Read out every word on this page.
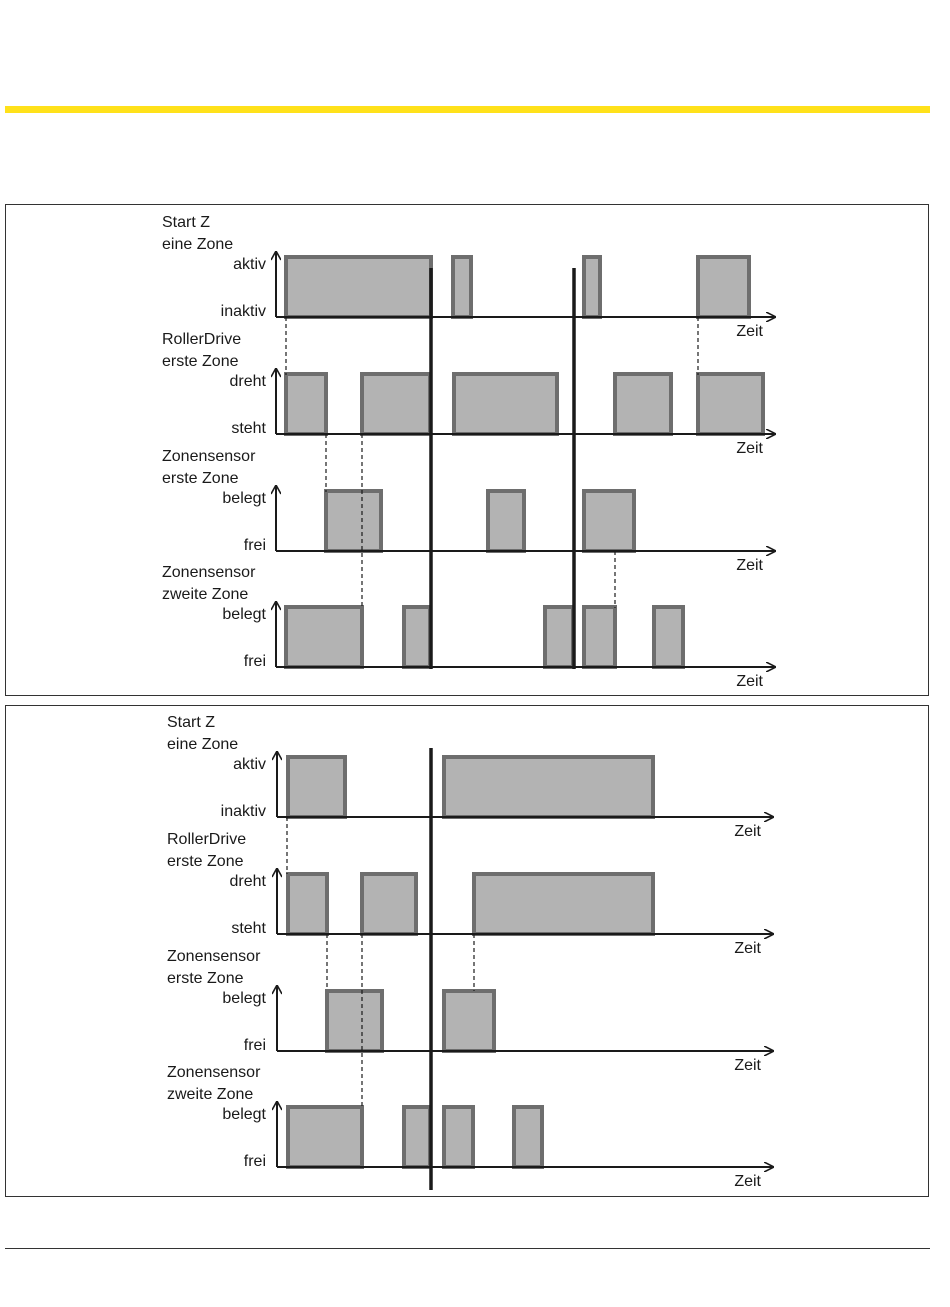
Start Z
eine Zone
aktiv
inaktiv
Zeit
RollerDrive
erste Zone
dreht
steht
Zeit
Zonensensor
erste Zone
belegt
frei
Zeit
Zonensensor
zweite Zone
belegt
frei
Zeit
Start Z
eine Zone
aktiv
inaktiv
Zeit
RollerDrive
erste Zone
dreht
steht
Zeit
Zonensensor
erste Zone
belegt
frei
Zeit
Zonensensor
zweite Zone
belegt
frei
Zeit
